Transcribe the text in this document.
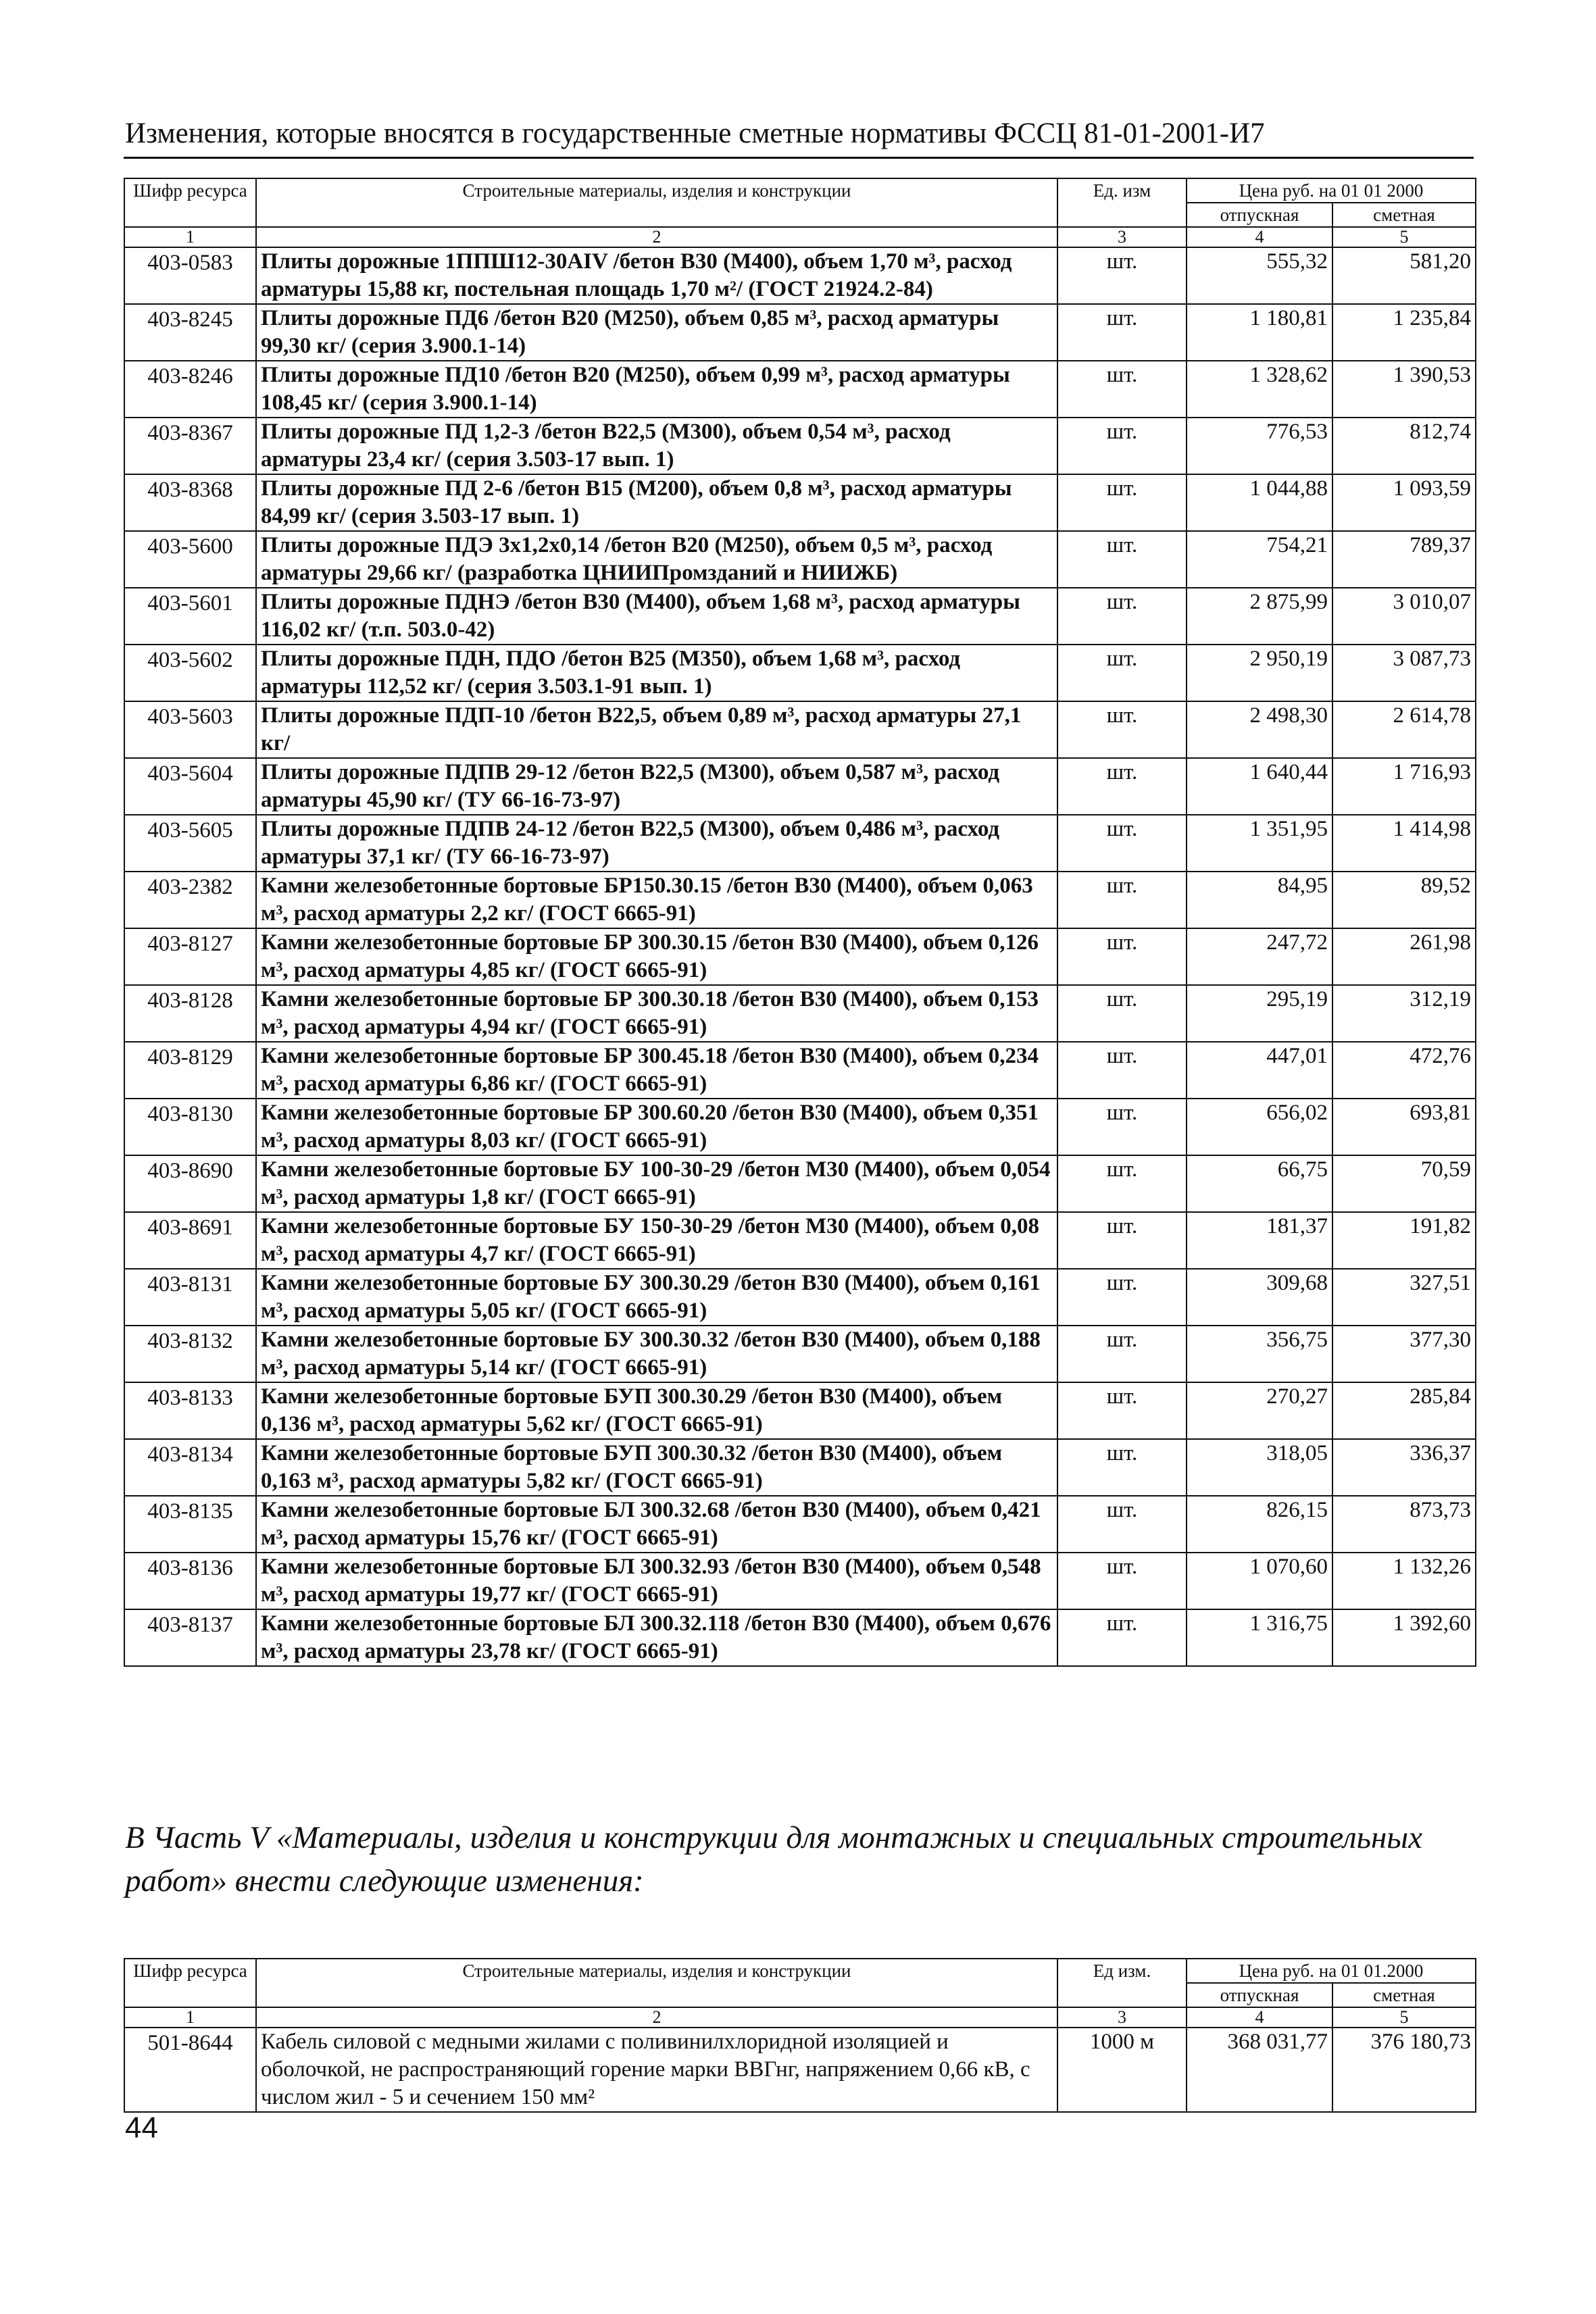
Изменения, которые вносятся в государственные сметные нормативы ФССЦ 81-01-2001-И7
Шифр ресурса	Строительные материалы, изделия и конструкции	Ед. изм	Цена руб. на 01 01 2000	
			отпускная	сметная
1	2	3	4	5
403-0583	Плиты дорожные 1ППШ12-30AIV /бетон В30 (М400), объем 1,70 м³, расход арматуры 15,88 кг, постельная площадь 1,70 м²/ (ГОСТ 21924.2-84)	шт.	555,32	581,20
403-8245	Плиты дорожные ПД6 /бетон В20 (М250), объем 0,85 м³, расход арматуры 99,30 кг/ (серия 3.900.1-14)	шт.	1 180,81	1 235,84
403-8246	Плиты дорожные ПД10 /бетон В20 (М250), объем 0,99 м³, расход арматуры 108,45 кг/ (серия 3.900.1-14)	шт.	1 328,62	1 390,53
403-8367	Плиты дорожные ПД 1,2-3 /бетон В22,5 (М300), объем 0,54 м³, расход арматуры 23,4 кг/ (серия 3.503-17 вып. 1)	шт.	776,53	812,74
403-8368	Плиты дорожные ПД 2-6 /бетон В15 (М200), объем 0,8 м³, расход арматуры 84,99 кг/ (серия 3.503-17 вып. 1)	шт.	1 044,88	1 093,59
403-5600	Плиты дорожные ПДЭ 3х1,2х0,14 /бетон В20 (М250), объем 0,5 м³, расход арматуры 29,66 кг/ (разработка ЦНИИПромзданий и НИИЖБ)	шт.	754,21	789,37
403-5601	Плиты дорожные ПДНЭ /бетон В30 (М400), объем 1,68 м³, расход арматуры 116,02 кг/ (т.п. 503.0-42)	шт.	2 875,99	3 010,07
403-5602	Плиты дорожные ПДН, ПДО /бетон В25 (М350), объем 1,68 м³, расход арматуры 112,52 кг/ (серия 3.503.1-91 вып. 1)	шт.	2 950,19	3 087,73
403-5603	Плиты дорожные ПДП-10 /бетон В22,5, объем 0,89 м³, расход арматуры 27,1 кг/	шт.	2 498,30	2 614,78
403-5604	Плиты дорожные ПДПВ 29-12 /бетон В22,5 (М300), объем 0,587 м³, расход арматуры 45,90 кг/ (ТУ 66-16-73-97)	шт.	1 640,44	1 716,93
403-5605	Плиты дорожные ПДПВ 24-12 /бетон В22,5 (М300), объем 0,486 м³, расход арматуры 37,1 кг/ (ТУ 66-16-73-97)	шт.	1 351,95	1 414,98
403-2382	Камни железобетонные бортовые БР150.30.15 /бетон В30 (М400), объем 0,063 м³, расход арматуры 2,2 кг/ (ГОСТ 6665-91)	шт.	84,95	89,52
403-8127	Камни железобетонные бортовые БР 300.30.15 /бетон В30 (М400), объем 0,126 м³, расход арматуры 4,85 кг/ (ГОСТ 6665-91)	шт.	247,72	261,98
403-8128	Камни железобетонные бортовые БР 300.30.18 /бетон В30 (М400), объем 0,153 м³, расход арматуры 4,94 кг/ (ГОСТ 6665-91)	шт.	295,19	312,19
403-8129	Камни железобетонные бортовые БР 300.45.18 /бетон В30 (М400), объем 0,234 м³, расход арматуры 6,86 кг/ (ГОСТ 6665-91)	шт.	447,01	472,76
403-8130	Камни железобетонные бортовые БР 300.60.20 /бетон В30 (М400), объем 0,351 м³, расход арматуры 8,03 кг/ (ГОСТ 6665-91)	шт.	656,02	693,81
403-8690	Камни железобетонные бортовые БУ 100-30-29 /бетон М30 (М400), объем 0,054 м³, расход арматуры 1,8 кг/ (ГОСТ 6665-91)	шт.	66,75	70,59
403-8691	Камни железобетонные бортовые БУ 150-30-29 /бетон М30 (М400), объем 0,08 м³, расход арматуры 4,7 кг/ (ГОСТ 6665-91)	шт.	181,37	191,82
403-8131	Камни железобетонные бортовые БУ 300.30.29 /бетон В30 (М400), объем 0,161 м³, расход арматуры 5,05 кг/ (ГОСТ 6665-91)	шт.	309,68	327,51
403-8132	Камни железобетонные бортовые БУ 300.30.32 /бетон В30 (М400), объем 0,188 м³, расход арматуры 5,14 кг/ (ГОСТ 6665-91)	шт.	356,75	377,30
403-8133	Камни железобетонные бортовые БУП 300.30.29 /бетон В30 (М400), объем 0,136 м³, расход арматуры 5,62 кг/ (ГОСТ 6665-91)	шт.	270,27	285,84
403-8134	Камни железобетонные бортовые БУП 300.30.32 /бетон В30 (М400), объем 0,163 м³, расход арматуры 5,82 кг/ (ГОСТ 6665-91)	шт.	318,05	336,37
403-8135	Камни железобетонные бортовые БЛ 300.32.68 /бетон В30 (М400), объем 0,421 м³, расход арматуры 15,76 кг/ (ГОСТ 6665-91)	шт.	826,15	873,73
403-8136	Камни железобетонные бортовые БЛ 300.32.93 /бетон В30 (М400), объем 0,548 м³, расход арматуры 19,77 кг/ (ГОСТ 6665-91)	шт.	1 070,60	1 132,26
403-8137	Камни железобетонные бортовые БЛ 300.32.118 /бетон В30 (М400), объем 0,676 м³, расход арматуры 23,78 кг/ (ГОСТ 6665-91)	шт.	1 316,75	1 392,60
В Часть V «Материалы, изделия и конструкции для монтажных и специальных строительных работ» внести следующие изменения:
Шифр ресурса	Строительные материалы, изделия и конструкции	Ед изм.	Цена руб. на 01 01.2000	
			отпускная	сметная
1	2	3	4	5
501-8644	Кабель силовой с медными жилами с поливинилхлоридной изоляцией и оболочкой, не распространяющий горение марки ВВГнг, напряжением 0,66 кВ, с числом жил - 5 и сечением 150 мм²	1000 м	368 031,77	376 180,73
44
